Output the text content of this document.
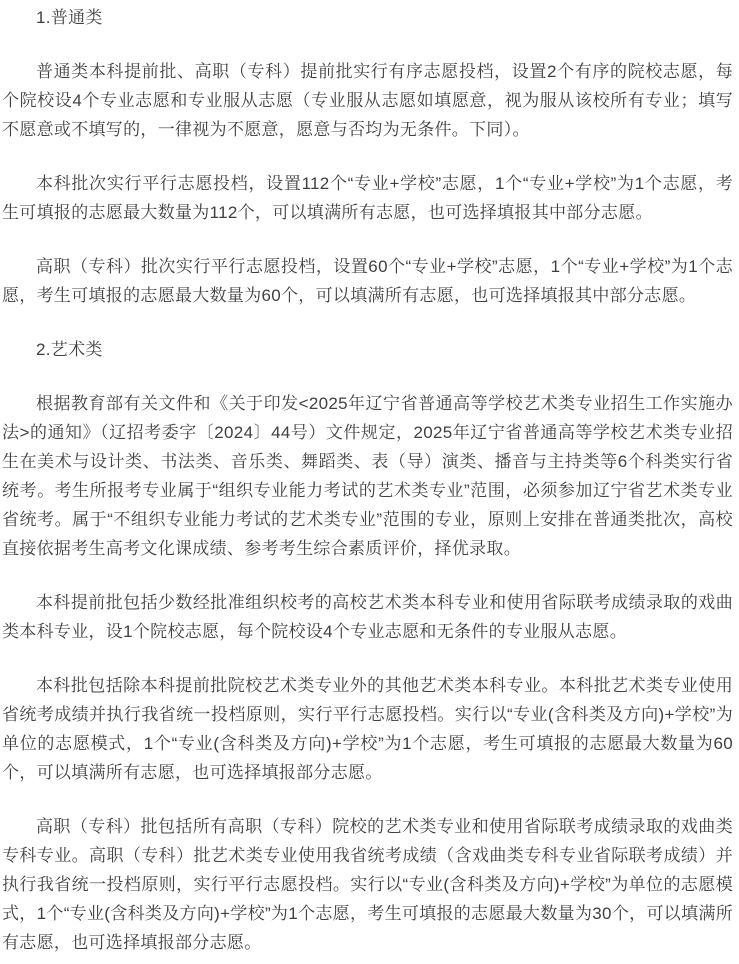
1.普通类

普通类本科提前批、高职（专科）提前批实行有序志愿投档，设置2个有序的院校志愿，每个院校设4个专业志愿和专业服从志愿（专业服从志愿如填愿意，视为服从该校所有专业；填写不愿意或不填写的，一律视为不愿意，愿意与否均为无条件。下同）。

本科批次实行平行志愿投档，设置112个“专业+学校”志愿，1个“专业+学校”为1个志愿，考生可填报的志愿最大数量为112个，可以填满所有志愿，也可选择填报其中部分志愿。

高职（专科）批次实行平行志愿投档，设置60个“专业+学校”志愿，1个“专业+学校”为1个志愿，考生可填报的志愿最大数量为60个，可以填满所有志愿，也可选择填报其中部分志愿。

2.艺术类

根据教育部有关文件和《关于印发<2025年辽宁省普通高等学校艺术类专业招生工作实施办法>的通知》（辽招考委字〔2024〕44号）文件规定，2025年辽宁省普通高等学校艺术类专业招生在美术与设计类、书法类、音乐类、舞蹈类、表（导）演类、播音与主持类等6个科类实行省统考。考生所报考专业属于“组织专业能力考试的艺术类专业”范围，必须参加辽宁省艺术类专业省统考。属于“不组织专业能力考试的艺术类专业”范围的专业，原则上安排在普通类批次，高校直接依据考生高考文化课成绩、参考考生综合素质评价，择优录取。

本科提前批包括少数经批准组织校考的高校艺术类本科专业和使用省际联考成绩录取的戏曲类本科专业，设1个院校志愿，每个院校设4个专业志愿和无条件的专业服从志愿。

本科批包括除本科提前批院校艺术类专业外的其他艺术类本科专业。本科批艺术类专业使用省统考成绩并执行我省统一投档原则，实行平行志愿投档。实行以“专业(含科类及方向)+学校”为单位的志愿模式，1个“专业(含科类及方向)+学校”为1个志愿，考生可填报的志愿最大数量为60个，可以填满所有志愿，也可选择填报部分志愿。

高职（专科）批包括所有高职（专科）院校的艺术类专业和使用省际联考成绩录取的戏曲类专科专业。高职（专科）批艺术类专业使用我省统考成绩（含戏曲类专科专业省际联考成绩）并执行我省统一投档原则，实行平行志愿投档。实行以“专业(含科类及方向)+学校”为单位的志愿模式，1个“专业(含科类及方向)+学校”为1个志愿，考生可填报的志愿最大数量为30个，可以填满所有志愿，也可选择填报部分志愿。
